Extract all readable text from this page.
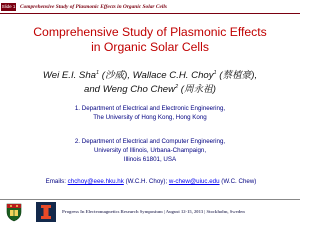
Slide 1 Comprehensive Study of Plasmonic Effects in Organic Solar Cells
Comprehensive Study of Plasmonic Effects
in Organic Solar Cells
Wei E.I. Sha$^1$ (沙威), Wallace C.H. Choy$^1$ (蔡植豪),
and Weng Cho Chew$^2$ (周永祖)
1. Department of Electrical and Electronic Engineering,
The University of Hong Kong, Hong Kong
2. Department of Electrical and Computer Engineering,
University of Illinois, Urbana-Champaign,
Illinois 61801, USA
Emails: chchoy@eee.hku.hk (W.C.H. Choy); w-chew@uiuc.edu (W.C. Chew)
Progress In Electromagnetics Research Symposium | August 12-15, 2013 | Stockholm, Sweden
